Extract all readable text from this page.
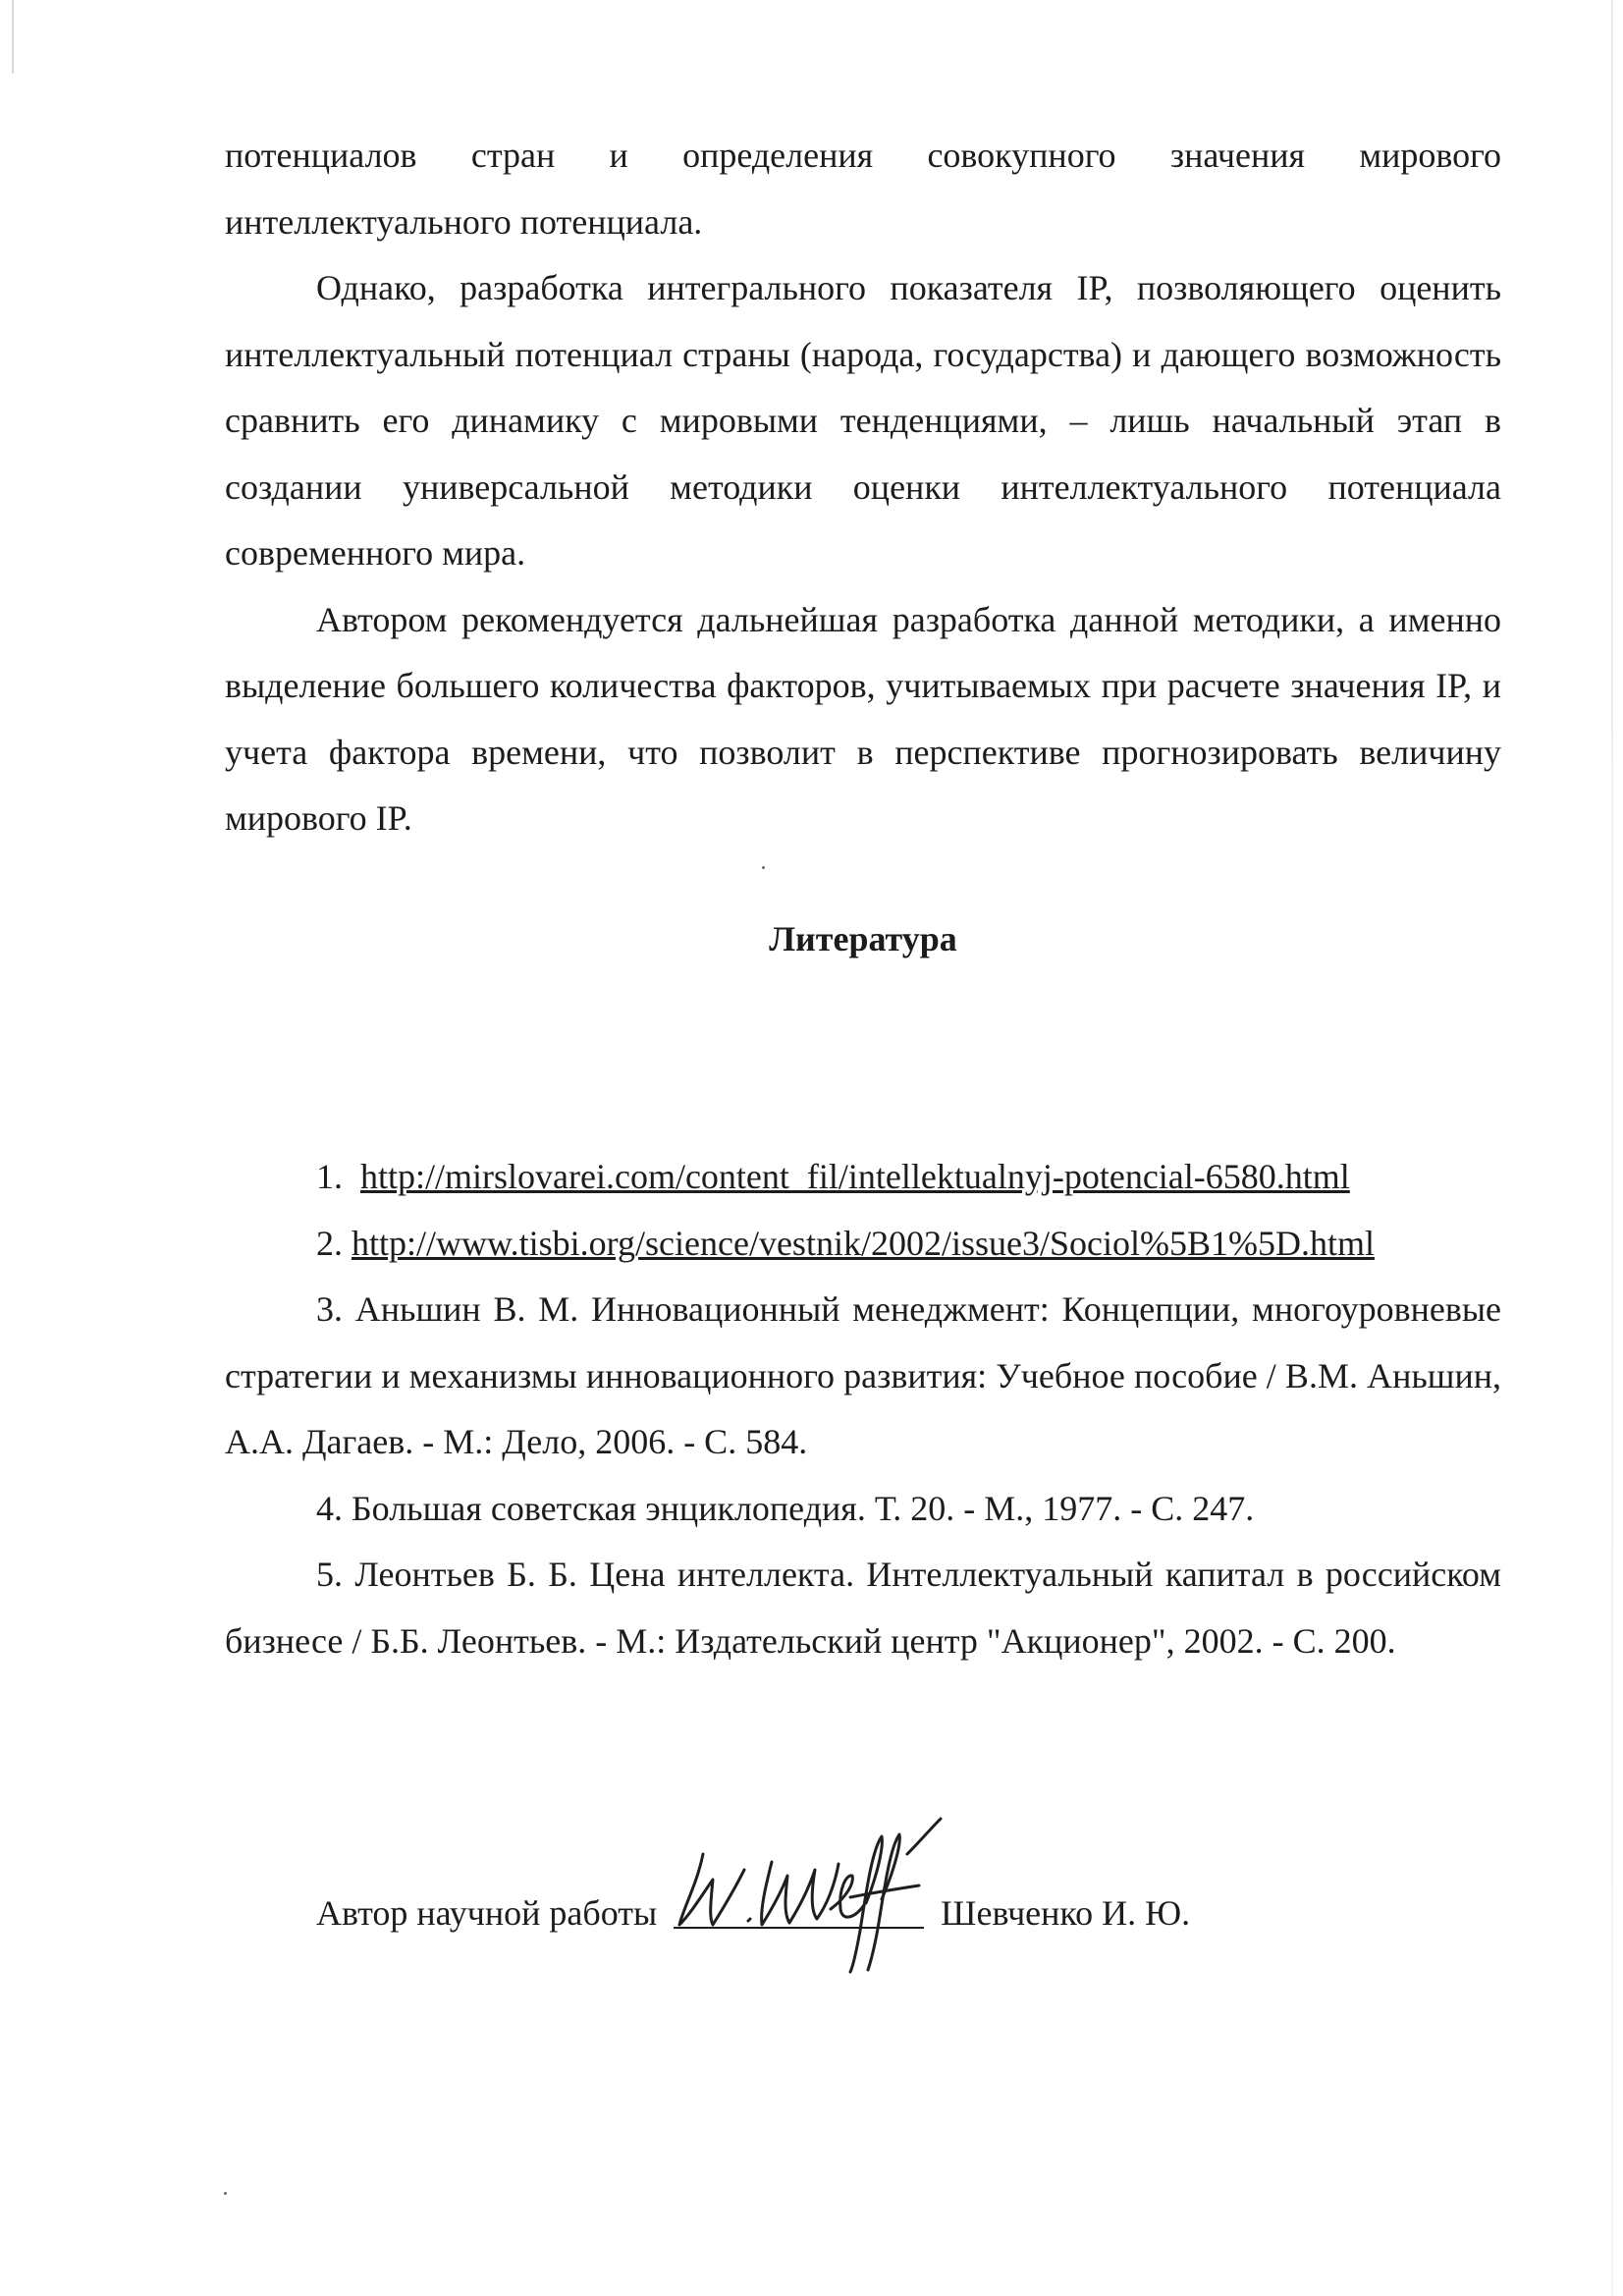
потенциалов стран и определения совокупного значения мирового интеллектуального потенциала.

Однако, разработка интегрального показателя IP, позволяющего оценить интеллектуальный потенциал страны (народа, государства) и дающего возможность сравнить его динамику с мировыми тенденциями, – лишь начальный этап в создании универсальной методики оценки интеллектуального потенциала современного мира.

Автором рекомендуется дальнейшая разработка данной методики, а именно выделение большего количества факторов, учитываемых при расчете значения IP, и учета фактора времени, что позволит в перспективе прогнозировать величину мирового IP.

Литература

1. http://mirslovarei.com/content_fil/intellektualnyj-potencial-6580.html

2. http://www.tisbi.org/science/vestnik/2002/issue3/Sociol%5B1%5D.html

3. Аньшин В. М. Инновационный менеджмент: Концепции, многоуровневые стратегии и механизмы инновационного развития: Учебное пособие / В.М. Аньшин, А.А. Дагаев. - М.: Дело, 2006. - С. 584.

4. Большая советская энциклопедия. Т. 20. - М., 1977. - С. 247.

5. Леонтьев Б. Б. Цена интеллекта. Интеллектуальный капитал в российском бизнесе / Б.Б. Леонтьев. - М.: Издательский центр "Акционер", 2002. - С. 200.

Автор научной работы	Шевченко И. Ю.
